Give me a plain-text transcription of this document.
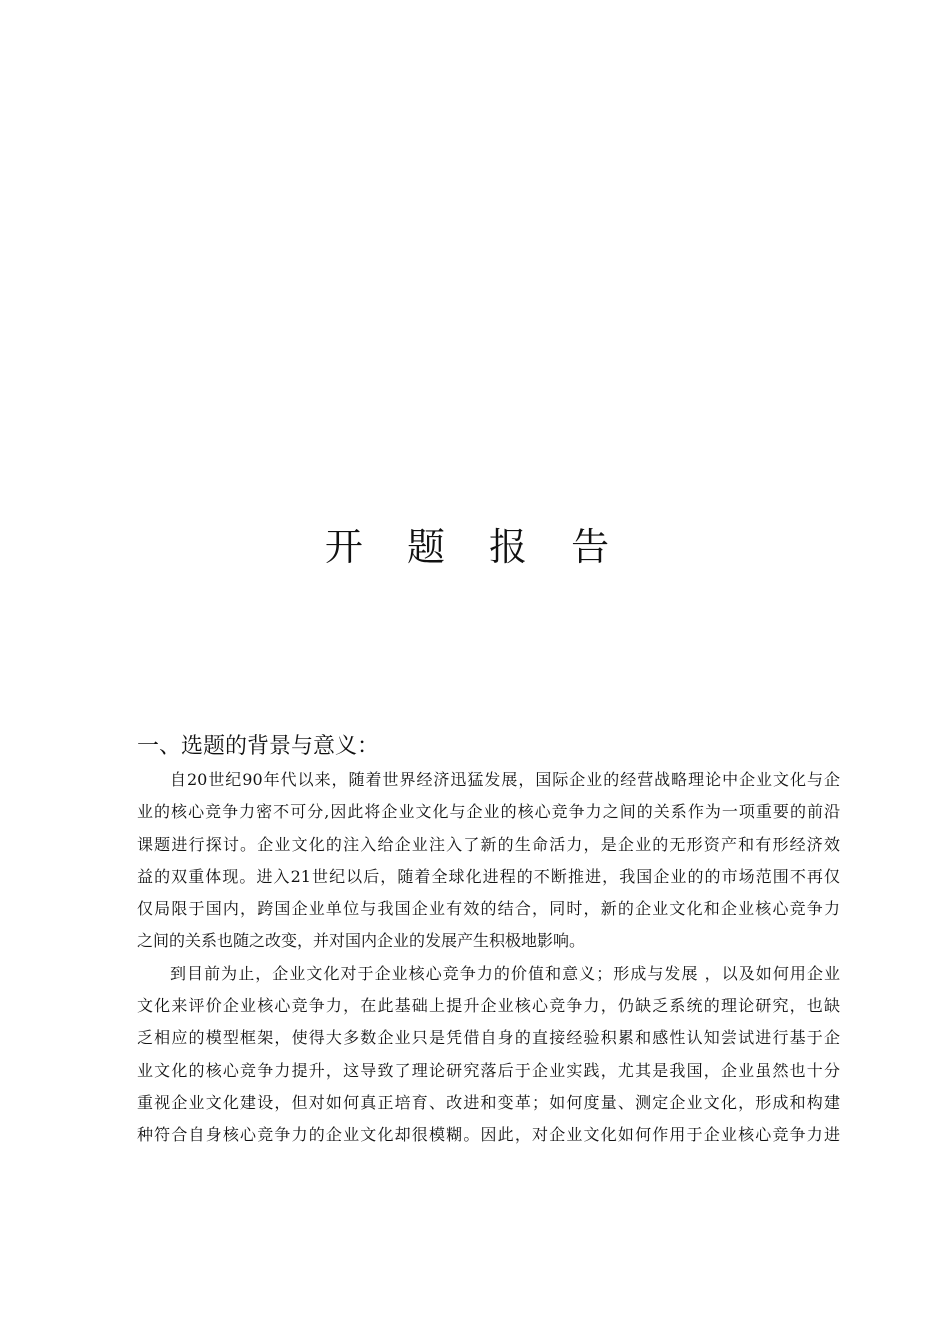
开 题 报 告
一、选题的背景与意义：
自20世纪90年代以来，随着世界经济迅猛发展，国际企业的经营战略理论中企业文化与企
业的核心竞争力密不可分,因此将企业文化与企业的核心竞争力之间的关系作为一项重要的前沿
课题进行探讨。企业文化的注入给企业注入了新的生命活力，是企业的无形资产和有形经济效
益的双重体现。进入21世纪以后，随着全球化进程的不断推进，我国企业的的市场范围不再仅
仅局限于国内，跨国企业单位与我国企业有效的结合，同时，新的企业文化和企业核心竞争力
之间的关系也随之改变，并对国内企业的发展产生积极地影响。
到目前为止，企业文化对于企业核心竞争力的价值和意义；形成与发展 ，以及如何用企业
文化来评价企业核心竞争力，在此基础上提升企业核心竞争力，仍缺乏系统的理论研究，也缺
乏相应的模型框架，使得大多数企业只是凭借自身的直接经验积累和感性认知尝试进行基于企
业文化的核心竞争力提升，这导致了理论研究落后于企业实践，尤其是我国，企业虽然也十分
重视企业文化建设，但对如何真正培育、改进和变革；如何度量、测定企业文化，形成和构建
种符合自身核心竞争力的企业文化却很模糊。因此，对企业文化如何作用于企业核心竞争力进
